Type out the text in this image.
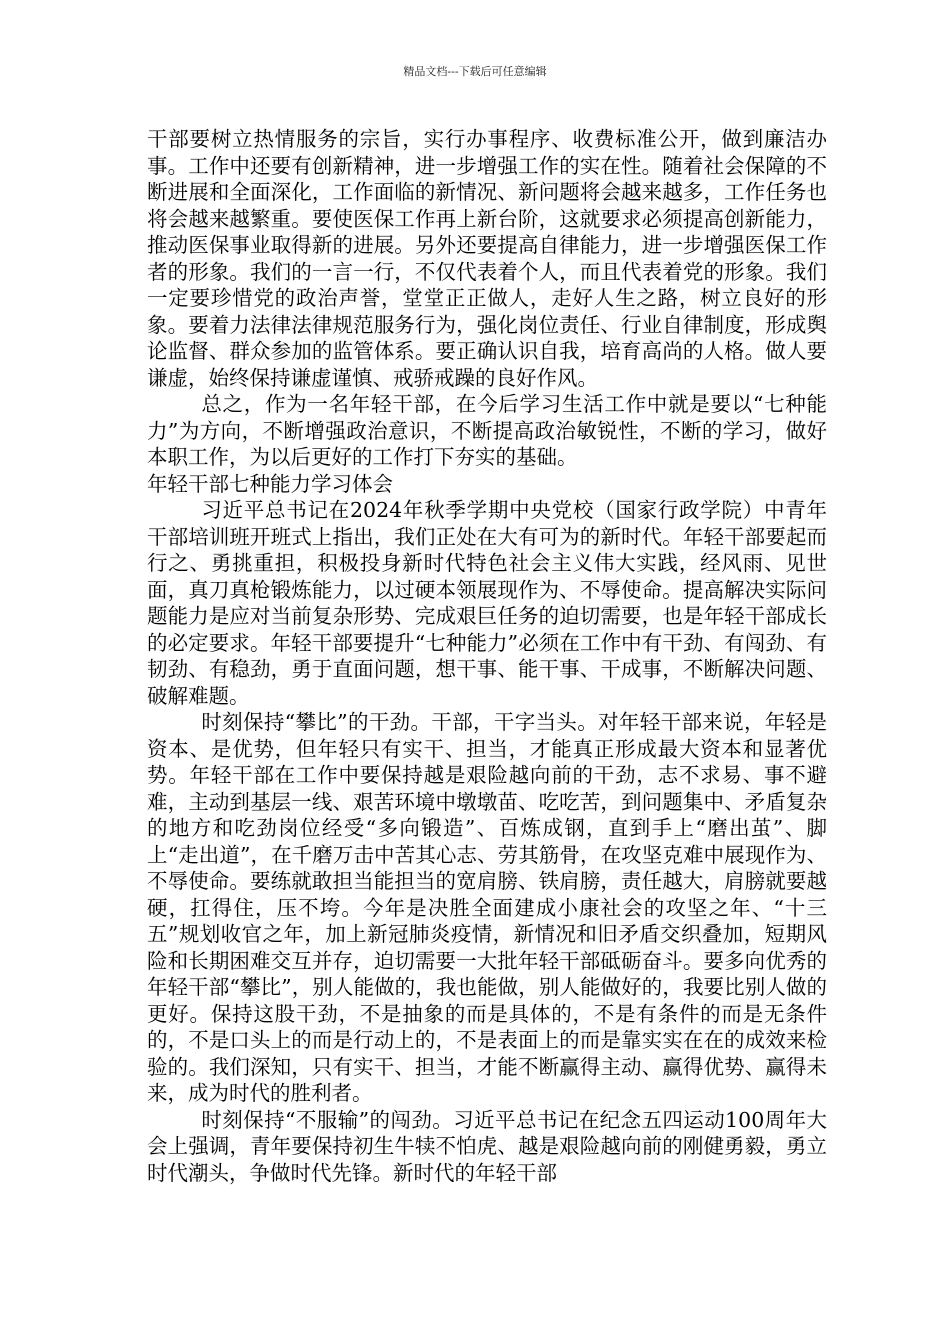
精品文档---下载后可任意编辑

干部要树立热情服务的宗旨，实行办事程序、收费标准公开，做到廉洁办事。工作中还要有创新精神，进一步增强工作的实在性。随着社会保障的不断进展和全面深化，工作面临的新情况、新问题将会越来越多，工作任务也将会越来越繁重。要使医保工作再上新台阶，这就要求必须提高创新能力，推动医保事业取得新的进展。另外还要提高自律能力，进一步增强医保工作者的形象。我们的一言一行，不仅代表着个人，而且代表着党的形象。我们一定要珍惜党的政治声誉，堂堂正正做人，走好人生之路，树立良好的形象。要着力法律法律规范服务行为，强化岗位责任、行业自律制度，形成舆论监督、群众参加的监管体系。要正确认识自我，培育高尚的人格。做人要谦虚，始终保持谦虚谨慎、戒骄戒躁的良好作风。

总之，作为一名年轻干部，在今后学习生活工作中就是要以“七种能力”为方向，不断增强政治意识，不断提高政治敏锐性，不断的学习，做好本职工作，为以后更好的工作打下夯实的基础。

年轻干部七种能力学习体会

习近平总书记在2024年秋季学期中央党校（国家行政学院）中青年干部培训班开班式上指出，我们正处在大有可为的新时代。年轻干部要起而行之、勇挑重担，积极投身新时代特色社会主义伟大实践，经风雨、见世面，真刀真枪锻炼能力，以过硬本领展现作为、不辱使命。提高解决实际问题能力是应对当前复杂形势、完成艰巨任务的迫切需要，也是年轻干部成长的必定要求。年轻干部要提升“七种能力”必须在工作中有干劲、有闯劲、有韧劲、有稳劲，勇于直面问题，想干事、能干事、干成事，不断解决问题、破解难题。

时刻保持“攀比”的干劲。干部，干字当头。对年轻干部来说，年轻是资本、是优势，但年轻只有实干、担当，才能真正形成最大资本和显著优势。年轻干部在工作中要保持越是艰险越向前的干劲，志不求易、事不避难，主动到基层一线、艰苦环境中墩墩苗、吃吃苦，到问题集中、矛盾复杂的地方和吃劲岗位经受“多向锻造”、百炼成钢，直到手上“磨出茧”、脚上“走出道”，在千磨万击中苦其心志、劳其筋骨，在攻坚克难中展现作为、不辱使命。要练就敢担当能担当的宽肩膀、铁肩膀，责任越大，肩膀就要越硬，扛得住，压不垮。今年是决胜全面建成小康社会的攻坚之年、“十三五”规划收官之年，加上新冠肺炎疫情，新情况和旧矛盾交织叠加，短期风险和长期困难交互并存，迫切需要一大批年轻干部砥砺奋斗。要多向优秀的年轻干部“攀比”，别人能做的，我也能做，别人能做好的，我要比别人做的更好。保持这股干劲，不是抽象的而是具体的，不是有条件的而是无条件的，不是口头上的而是行动上的，不是表面上的而是靠实实在在的成效来检验的。我们深知，只有实干、担当，才能不断赢得主动、赢得优势、赢得未来，成为时代的胜利者。

时刻保持“不服输”的闯劲。习近平总书记在纪念五四运动100周年大会上强调，青年要保持初生牛犊不怕虎、越是艰险越向前的刚健勇毅，勇立时代潮头，争做时代先锋。新时代的年轻干部
